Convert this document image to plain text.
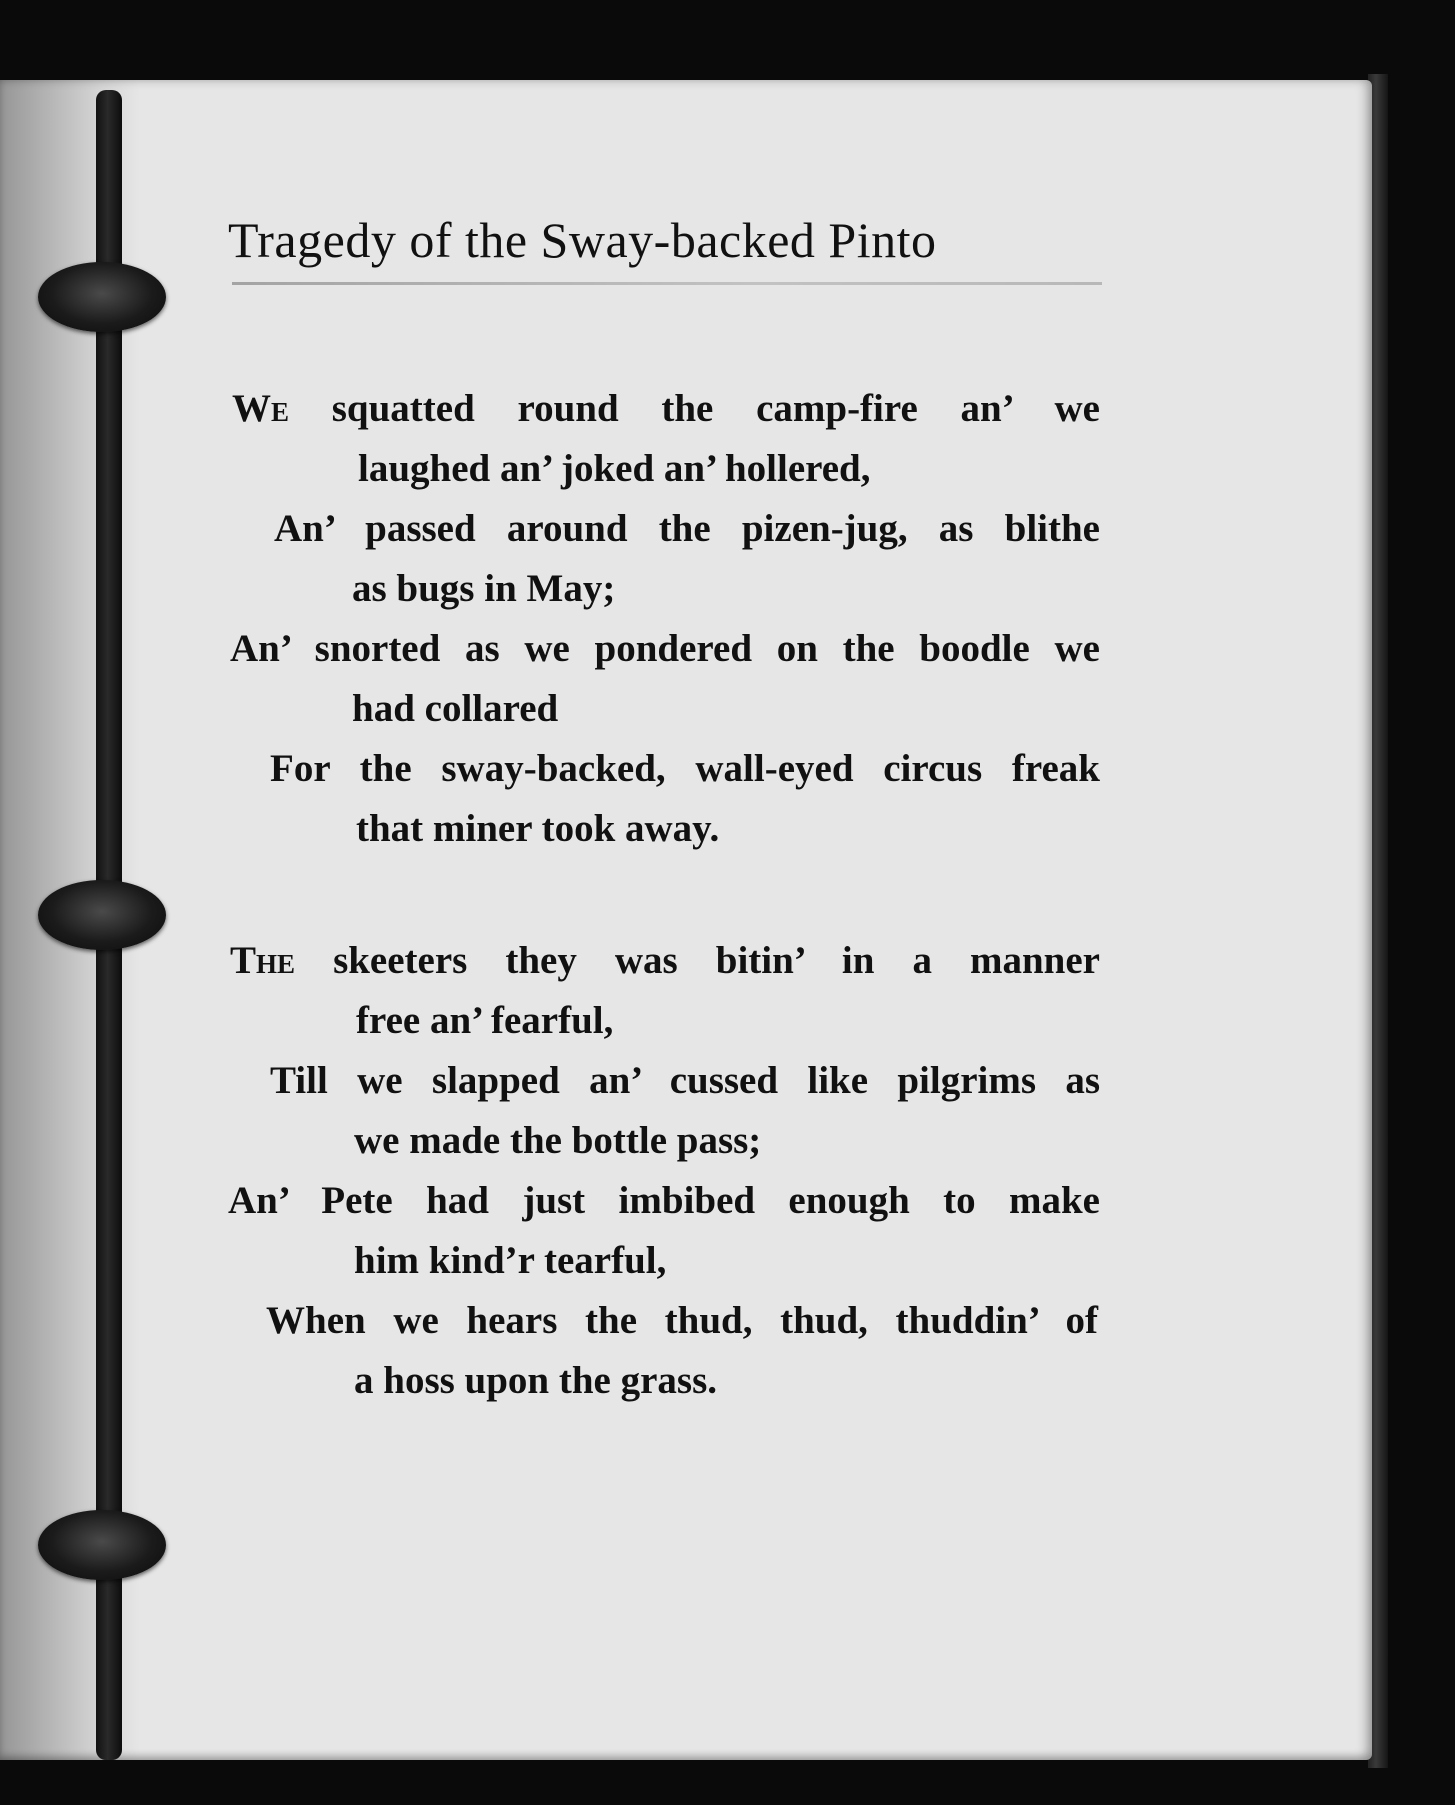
Tragedy of the Sway-backed Pinto
We squatted round the camp-fire an’ we
laughed an’ joked an’ hollered,
An’ passed around the pizen-jug, as blithe
as bugs in May;
An’ snorted as we pondered on the boodle we
had collared
For the sway-backed, wall-eyed circus freak
that miner took away.
The skeeters they was bitin’ in a manner
free an’ fearful,
Till we slapped an’ cussed like pilgrims as
we made the bottle pass;
An’ Pete had just imbibed enough to make
him kind’r tearful,
When we hears the thud, thud, thuddin’ of
a hoss upon the grass.
